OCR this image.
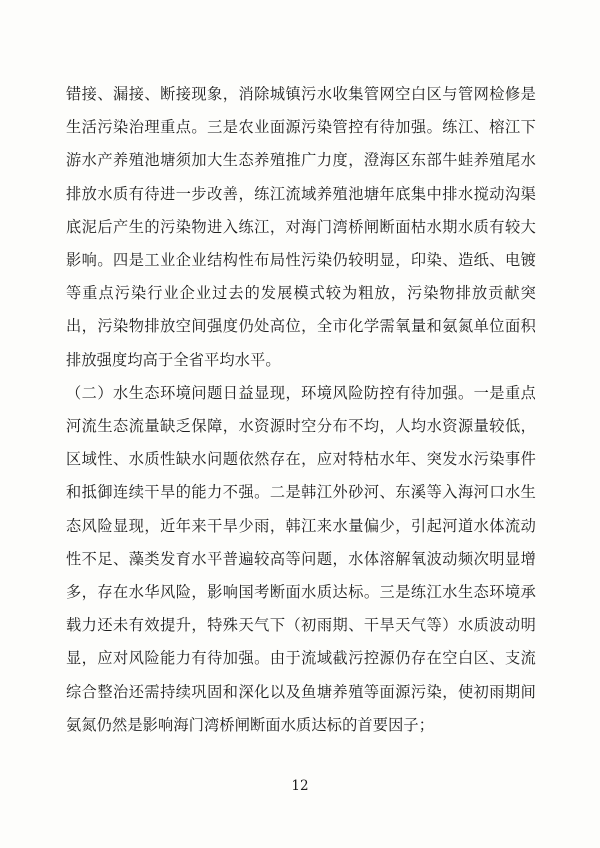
错接、漏接、断接现象，消除城镇污水收集管网空白区与管网检修是生活污染治理重点。三是农业面源污染管控有待加强。练江、榕江下游水产养殖池塘须加大生态养殖推广力度，澄海区东部牛蛙养殖尾水排放水质有待进一步改善，练江流域养殖池塘年底集中排水搅动沟渠底泥后产生的污染物进入练江，对海门湾桥闸断面枯水期水质有较大影响。四是工业企业结构性布局性污染仍较明显，印染、造纸、电镀等重点污染行业企业过去的发展模式较为粗放，污染物排放贡献突出，污染物排放空间强度仍处高位，全市化学需氧量和氨氮单位面积排放强度均高于全省平均水平。

（二）水生态环境问题日益显现，环境风险防控有待加强。一是重点河流生态流量缺乏保障，水资源时空分布不均，人均水资源量较低，区域性、水质性缺水问题依然存在，应对特枯水年、突发水污染事件和抵御连续干旱的能力不强。二是韩江外砂河、东溪等入海河口水生态风险显现，近年来干旱少雨，韩江来水量偏少，引起河道水体流动性不足、藻类发育水平普遍较高等问题，水体溶解氧波动频次明显增多，存在水华风险，影响国考断面水质达标。三是练江水生态环境承载力还未有效提升，特殊天气下（初雨期、干旱天气等）水质波动明显，应对风险能力有待加强。由于流域截污控源仍存在空白区、支流综合整治还需持续巩固和深化以及鱼塘养殖等面源污染，使初雨期间氨氮仍然是影响海门湾桥闸断面水质达标的首要因子；

12
